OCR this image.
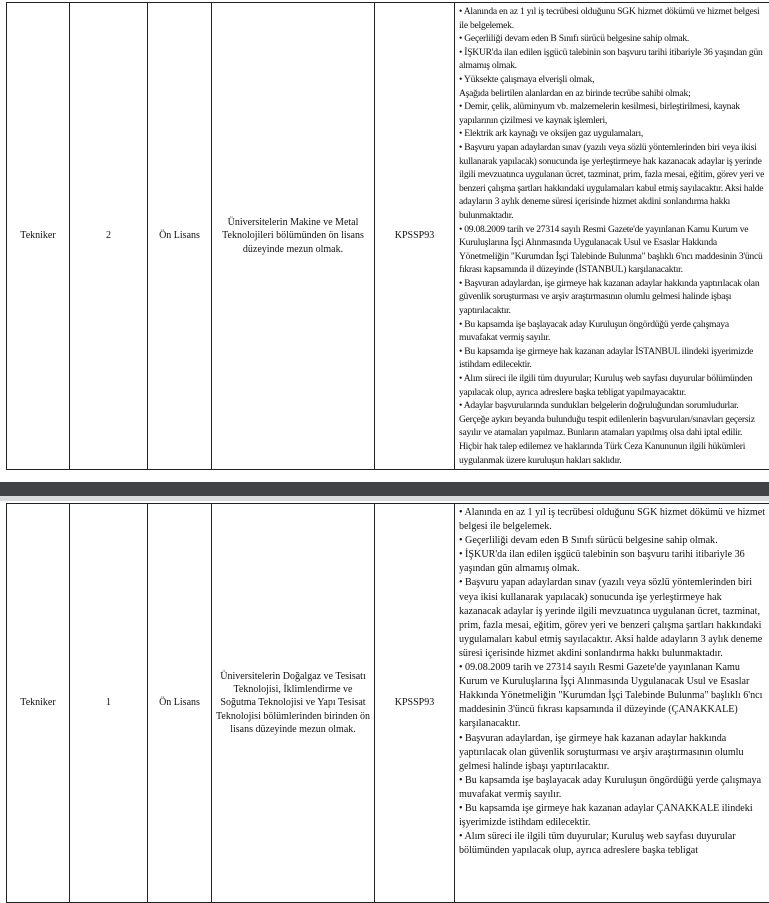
Tekniker	2	Ön Lisans	Üniversitelerin Makine ve Metal Teknolojileri bölümünden ön lisans düzeyinde mezun olmak.	KPSSP93	

• Alanında en az 1 yıl iş tecrübesi olduğunu SGK hizmet dökümü ve hizmet belgesi ile belgelemek.

• Geçerliliği devam eden B Sınıfı sürücü belgesine sahip olmak.

• İŞKUR'da ilan edilen işgücü talebinin son başvuru tarihi itibariyle 36 yaşından gün almamış olmak.

• Yüksekte çalışmaya elverişli olmak,

Aşağıda belirtilen alanlardan en az birinde tecrübe sahibi olmak;

• Demir, çelik, alüminyum vb. malzemelerin kesilmesi, birleştirilmesi, kaynak yapılarının çizilmesi ve kaynak işlemleri,

• Elektrik ark kaynağı ve oksijen gaz uygulamaları,

• Başvuru yapan adaylardan sınav (yazılı veya sözlü yöntemlerinden biri veya ikisi kullanarak yapılacak) sonucunda işe yerleştirmeye hak kazanacak adaylar iş yerinde ilgili mevzuatınca uygulanan ücret, tazminat, prim, fazla mesai, eğitim, görev yeri ve benzeri çalışma şartları hakkındaki uygulamaları kabul etmiş sayılacaktır. Aksi halde adayların 3 aylık deneme süresi içerisinde hizmet akdini sonlandırma hakkı bulunmaktadır.

• 09.08.2009 tarih ve 27314 sayılı Resmi Gazete'de yayınlanan Kamu Kurum ve Kuruluşlarına İşçi Alınmasında Uygulanacak Usul ve Esaslar Hakkında Yönetmeliğin "Kurumdan İşçi Talebinde Bulunma" başlıklı 6'ncı maddesinin 3'üncü fıkrası kapsamında il düzeyinde (İSTANBUL) karşılanacaktır.

• Başvuran adaylardan, işe girmeye hak kazanan adaylar hakkında yaptırılacak olan güvenlik soruşturması ve arşiv araştırmasının olumlu gelmesi halinde işbaşı yaptırılacaktır.

• Bu kapsamda işe başlayacak aday Kuruluşun öngördüğü yerde çalışmaya muvafakat vermiş sayılır.

• Bu kapsamda işe girmeye hak kazanan adaylar İSTANBUL ilindeki işyerimizde istihdam edilecektir.

• Alım süreci ile ilgili tüm duyurular; Kuruluş web sayfası duyurular bölümünden yapılacak olup, ayrıca adreslere başka tebligat yapılmayacaktır.

• Adaylar başvurularında sundukları belgelerin doğruluğundan sorumludurlar. Gerçeğe aykırı beyanda bulunduğu tespit edilenlerin başvuruları/sınavları geçersiz sayılır ve atamaları yapılmaz. Bunların atamaları yapılmış olsa dahi iptal edilir. Hiçbir hak talep edilemez ve haklarında Türk Ceza Kanununun ilgili hükümleri uygulanmak üzere kuruluşun hakları saklıdır.

Tekniker	1	Ön Lisans	Üniversitelerin Doğalgaz ve Tesisatı Teknolojisi, İklimlendirme ve Soğutma Teknolojisi ve Yapı Tesisat Teknolojisi bölümlerinden birinden ön lisans düzeyinde mezun olmak.	KPSSP93	

• Alanında en az 1 yıl iş tecrübesi olduğunu SGK hizmet dökümü ve hizmet belgesi ile belgelemek.

• Geçerliliği devam eden B Sınıfı sürücü belgesine sahip olmak.

• İŞKUR'da ilan edilen işgücü talebinin son başvuru tarihi itibariyle 36 yaşından gün almamış olmak.

• Başvuru yapan adaylardan sınav (yazılı veya sözlü yöntemlerinden biri veya ikisi kullanarak yapılacak) sonucunda işe yerleştirmeye hak kazanacak adaylar iş yerinde ilgili mevzuatınca uygulanan ücret, tazminat, prim, fazla mesai, eğitim, görev yeri ve benzeri çalışma şartları hakkındaki uygulamaları kabul etmiş sayılacaktır. Aksi halde adayların 3 aylık deneme süresi içerisinde hizmet akdini sonlandırma hakkı bulunmaktadır.

• 09.08.2009 tarih ve 27314 sayılı Resmi Gazete'de yayınlanan Kamu Kurum ve Kuruluşlarına İşçi Alınmasında Uygulanacak Usul ve Esaslar Hakkında Yönetmeliğin "Kurumdan İşçi Talebinde Bulunma" başlıklı 6'ncı maddesinin 3'üncü fıkrası kapsamında il düzeyinde (ÇANAKKALE) karşılanacaktır.

• Başvuran adaylardan, işe girmeye hak kazanan adaylar hakkında yaptırılacak olan güvenlik soruşturması ve arşiv araştırmasının olumlu gelmesi halinde işbaşı yaptırılacaktır.

• Bu kapsamda işe başlayacak aday Kuruluşun öngördüğü yerde çalışmaya muvafakat vermiş sayılır.

• Bu kapsamda işe girmeye hak kazanan adaylar ÇANAKKALE ilindeki işyerimizde istihdam edilecektir.

• Alım süreci ile ilgili tüm duyurular; Kuruluş web sayfası duyurular bölümünden yapılacak olup, ayrıca adreslere başka tebligat
